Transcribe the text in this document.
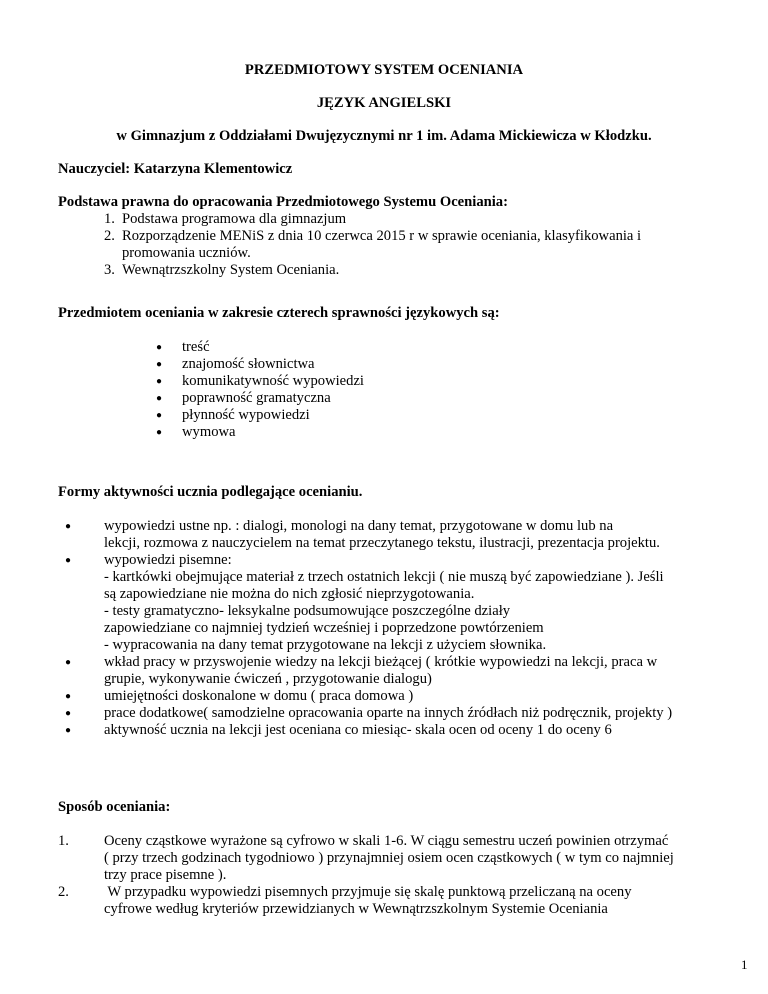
PRZEDMIOTOWY SYSTEM OCENIANIA
JĘZYK ANGIELSKI
w Gimnazjum z Oddziałami Dwujęzycznymi nr 1 im. Adama Mickiewicza w Kłodzku.
Nauczyciel: Katarzyna Klementowicz
Podstawa prawna do opracowania Przedmiotowego Systemu Oceniania:
1. Podstawa programowa dla gimnazjum
2. Rozporządzenie MENiS z dnia 10 czerwca 2015 r w sprawie oceniania, klasyfikowania i
promowania uczniów.
3. Wewnątrzszkolny System Oceniania.
Przedmiotem oceniania w zakresie czterech sprawności językowych są:
● treść
● znajomość słownictwa
● komunikatywność wypowiedzi
● poprawność gramatyczna
● płynność wypowiedzi
● wymowa
Formy aktywności ucznia podlegające ocenianiu.
● wypowiedzi ustne np. : dialogi, monologi na dany temat, przygotowane w domu lub na
lekcji, rozmowa z nauczycielem na temat przeczytanego tekstu, ilustracji, prezentacja projektu.
● wypowiedzi pisemne:
- kartkówki obejmujące materiał z trzech ostatnich lekcji ( nie muszą być zapowiedziane ). Jeśli
są zapowiedziane nie można do nich zgłosić nieprzygotowania.
- testy gramatyczno- leksykalne podsumowujące poszczególne działy
zapowiedziane co najmniej tydzień wcześniej i poprzedzone powtórzeniem
- wypracowania na dany temat przygotowane na lekcji z użyciem słownika.
● wkład pracy w przyswojenie wiedzy na lekcji bieżącej ( krótkie wypowiedzi na lekcji, praca w
grupie, wykonywanie ćwiczeń , przygotowanie dialogu)
● umiejętności doskonalone w domu ( praca domowa )
● prace dodatkowe( samodzielne opracowania oparte na innych źródłach niż podręcznik, projekty )
● aktywność ucznia na lekcji jest oceniana co miesiąc- skala ocen od oceny 1 do oceny 6
Sposób oceniania:
1. Oceny cząstkowe wyrażone są cyfrowo w skali 1-6. W ciągu semestru uczeń powinien otrzymać
( przy trzech godzinach tygodniowo ) przynajmniej osiem ocen cząstkowych ( w tym co najmniej
trzy prace pisemne ).
2. W przypadku wypowiedzi pisemnych przyjmuje się skalę punktową przeliczaną na oceny
cyfrowe według kryteriów przewidzianych w Wewnątrzszkolnym Systemie Oceniania
1
